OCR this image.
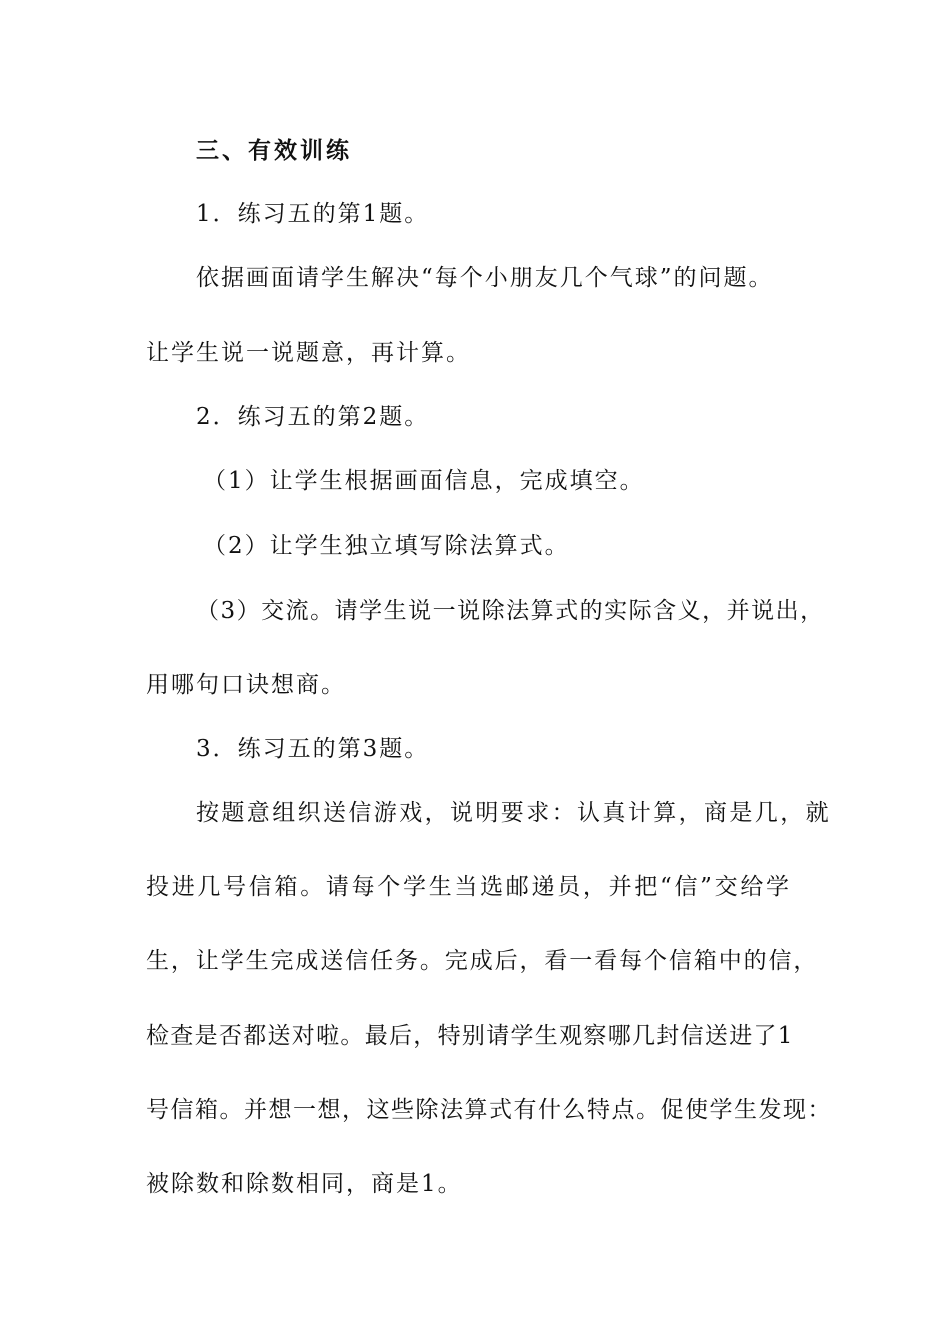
三、有效训练
1．练习五的第1题。
依据画面请学生解决“每个小朋友几个气球”的问题。
让学生说一说题意，再计算。
2．练习五的第2题。
（1）让学生根据画面信息，完成填空。
（2）让学生独立填写除法算式。
（3）交流。请学生说一说除法算式的实际含义，并说出，
用哪句口诀想商。
3．练习五的第3题。
按题意组织送信游戏，说明要求：认真计算，商是几，就
投进几号信箱。请每个学生当选邮递员，并把“信”交给学
生，让学生完成送信任务。完成后，看一看每个信箱中的信，
检查是否都送对啦。最后，特别请学生观察哪几封信送进了1
号信箱。并想一想，这些除法算式有什么特点。促使学生发现：
被除数和除数相同，商是1。
